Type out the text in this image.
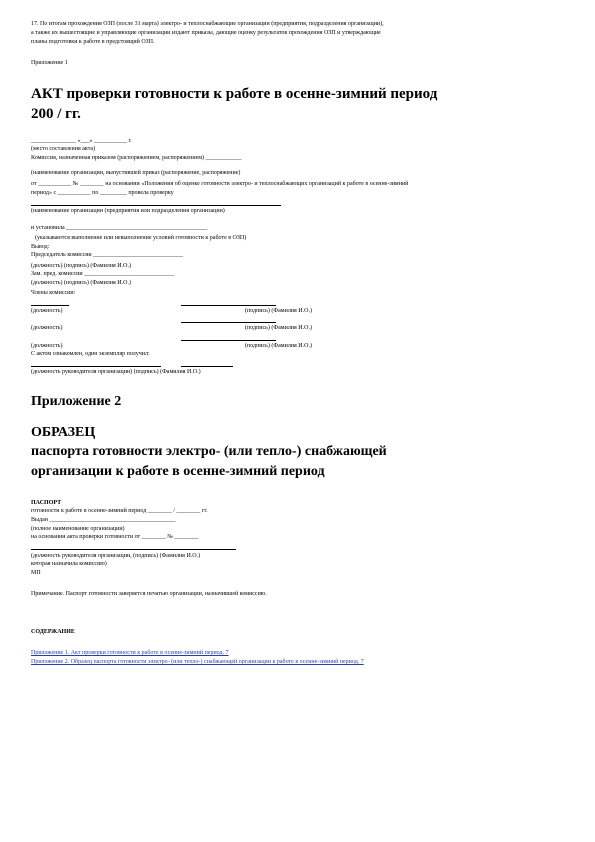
17. По итогам прохождения ОЗП (после 31 марта) электро- и теплоснабжающие организации (предприятия, подразделения организации),
а также их вышестоящие и управляющие организации издают приказы, дающие оценку результатов прохождения ОЗП и утверждающие
планы подготовки к работе в предстоящий ОЗП.
Приложение 1
АКТ проверки готовности к работе в осенне-зимний период
200 / гг.
_______________ «___» ___________ г.
(место составления акта)
Комиссия, назначенная приказом (распоряжением, распоряжением) ____________
(наименование организации, выпустившей приказ (распоряжение, распоряжение)
от ___________ № ________ на основании «Положения об оценке готовности электро- и теплоснабжающих организаций к работе в осенне-зимний
период» с ___________ по _________ провела проверку
(наименование организации (предприятия или подразделения организации)
и установила _______________________________________________
(указываются выполнение или невыполнение условий готовности к работе в ОЗП)
Вывод:
Председатель комиссии ______________________________
(должность) (подпись) (Фамилия И.О.)
Зам. пред. комиссии ______________________________
(должность) (подпись) (Фамилия И.О.)
Члены комиссии:
(должность)	(подпись) (Фамилия И.О.)
(должность)	(подпись) (Фамилия И.О.)
(должность)	(подпись) (Фамилия И.О.)
С актом ознакомлен, один экземпляр получил:
(должность руководителя организации) (подпись) (Фамилия И.О.)
Приложение 2
ОБРАЗЕЦ
паспорта готовности электро- (или тепло-) снабжающей
организации к работе в осенне-зимний период
ПАСПОРТ
готовности к работе в осенне-зимний период ________ / ________ гг.
Выдан __________________________________________
(полное наименование организации)
на основании акта проверки готовности от ________ № ________
(должность руководителя организации, (подпись) (Фамилия И.О.)
которая назначила комиссию)
МП
Примечание. Паспорт готовности заверяется печатью организации, назначившей комиссию.
СОДЕРЖАНИЕ
Приложение 1. Акт проверки готовности к работе в осенне-зимний период. 7
Приложение 2. Образец паспорта готовности электро- (или тепло-) снабжающей организации к работе в осенне-зимний период. 7
